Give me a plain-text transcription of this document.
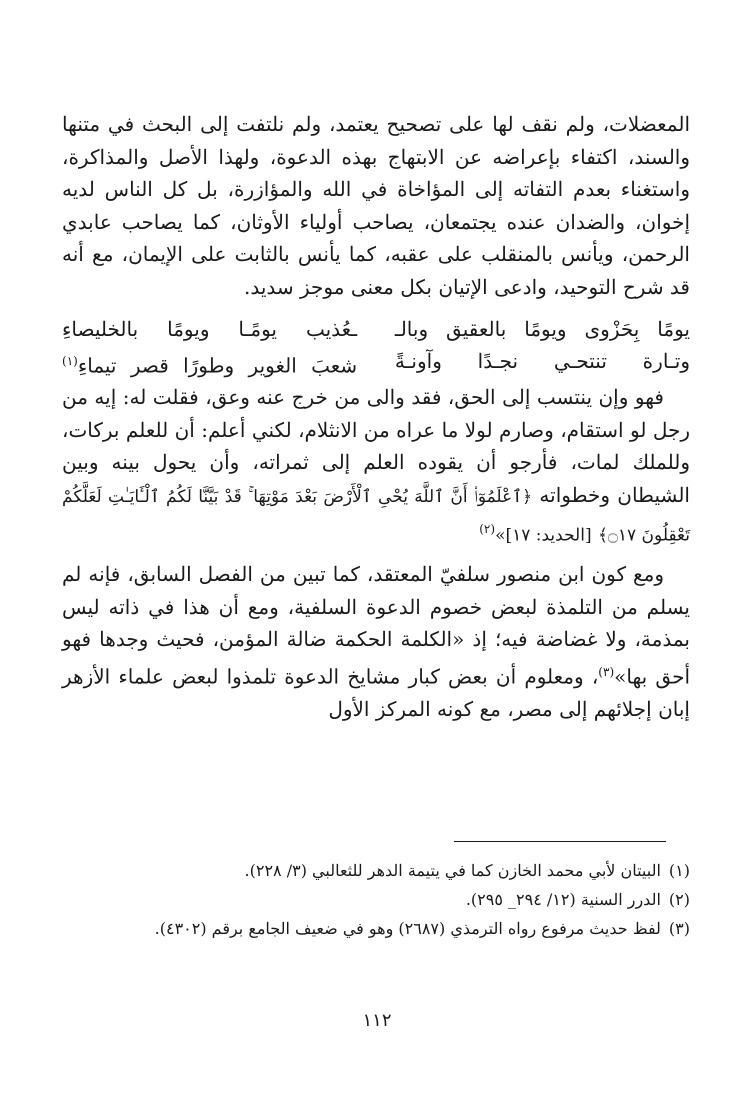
المعضلات، ولم نقف لها على تصحيح يعتمد، ولم نلتفت إلى البحث في متنها والسند، اكتفاء بإعراضه عن الابتهاج بهذه الدعوة، ولهذا الأصل والمذاكرة، واستغناء بعدم التفاته إلى المؤاخاة في الله والمؤازرة، بل كل الناس لديه إخوان، والضدان عنده يجتمعان، يصاحب أولياء الأوثان، كما يصاحب عابدي الرحمن، ويأنس بالمنقلب على عقبه، كما يأنس بالثابت على الإيمان، مع أنه قد شرح التوحيد، وادعى الإتيان بكل معنى موجز سديد.

يومًا بِحَزْوى ويومًا بالعقيق وبالـ
ـعُذيب يومًـا ويومًا بالخليصاءِ
وتـارة تنتحـي نجـدًا وآونـةً
شعبَ الغوير وطورًا قصر تيماءِ$^{(١)}$

فهو وإن ينتسب إلى الحق، فقد والى من خرج عنه وعق، فقلت له: إيه من رجل لو استقام، وصارم لولا ما عراه من الانثلام، لكني أعلم: أن للعلم بركات، وللملك لمات، فأرجو أن يقوده العلم إلى ثمراته، وأن يحول بينه وبين الشيطان وخطواته ﴿ٱعْلَمُوٓا۟ أَنَّ ٱللَّهَ يُحْىِ ٱلْأَرْضَ بَعْدَ مَوْتِهَا ۚ قَدْ بَيَّنَّا لَكُمُ ٱلْـَٔايَـٰتِ لَعَلَّكُمْ تَعْقِلُونَ ۝١٧﴾ [الحديد: ١٧]»$^{(٢)}$

ومع كون ابن منصور سلفيّ المعتقد، كما تبين من الفصل السابق، فإنه لم يسلم من التلمذة لبعض خصوم الدعوة السلفية، ومع أن هذا في ذاته ليس بمذمة، ولا غضاضة فيه؛ إذ «الكلمة الحكمة ضالة المؤمن، فحيث وجدها فهو أحق بها»$^{(٣)}$، ومعلوم أن بعض كبار مشايخ الدعوة تلمذوا لبعض علماء الأزهر إبان إجلائهم إلى مصر، مع كونه المركز الأول

(١)البيتان لأبي محمد الخازن كما في يتيمة الدهر للثعالبي (٣/ ٢٢٨).

(٢)الدرر السنية (١٢/ ٢٩٤_ ٢٩٥).

(٣)لفظ حديث مرفوع رواه الترمذي (٢٦٨٧) وهو في ضعيف الجامع برقم (٤٣٠٢).

١١٢
